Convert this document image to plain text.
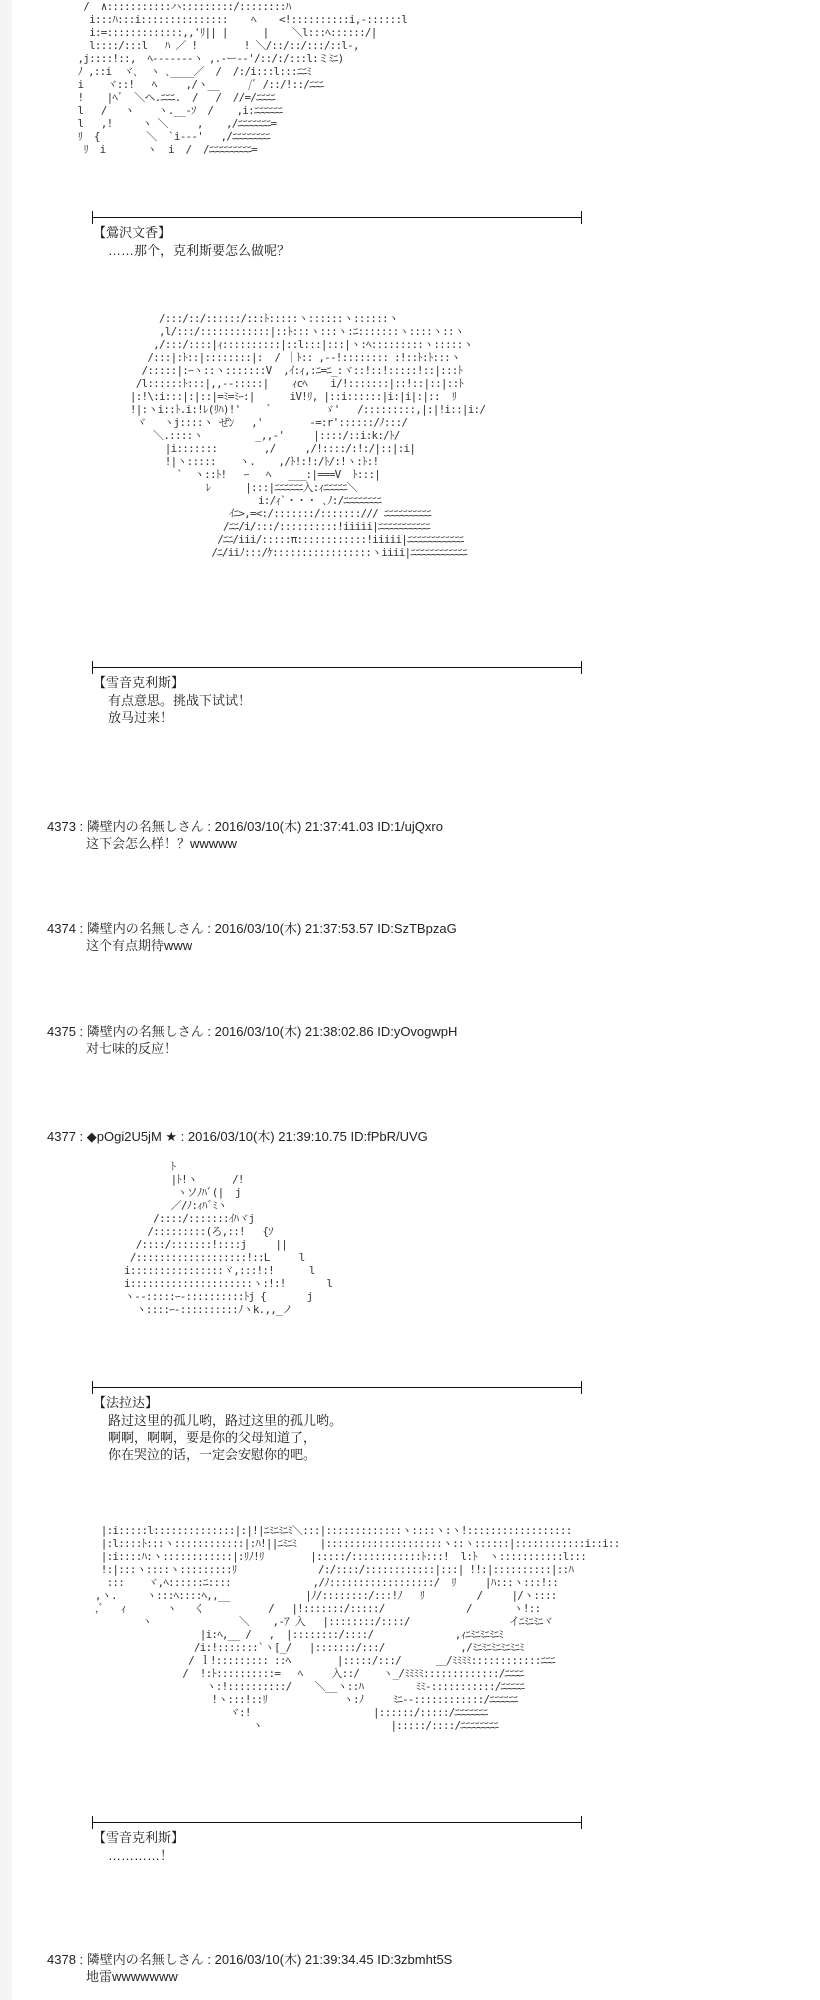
/  ∧:::::::::::ハ:::::::::/::::::::ﾊ
i:::ﾊ:::i:::::::::::::::    ﾍ    <!::::::::::i,-::::::l
i:=:::::::::::::,,'ﾘ|| |      |    ＼l:::ﾍ::::::/|
l::::/:::l   ﾊ ／ !        ! ＼/::/::/:::/::l-,
,j::::!::,  ﾍ-------ヽ ,.-ー--'/::/:/:::l:ミﾐﾆ)
ﾉ ,::i  ヾ､  ヽ ､____／  /  /:/i:::l:::ﾆﾆﾐ
i    ヾ::!   ﾍ     ,/ヽ__     /ﾞ /::/!::/ﾆﾆﾆ
!    |ﾍﾞ  ＼ヘ.ﾆﾆﾆ.  /   /  //=/ﾆﾆﾆﾆ
l   /   ヽ    ヽ.__-ｿ  /    ,i:ﾆﾆﾆﾆﾆﾆ
l   ,!     ヽ ＼     ,    ,/ﾆﾆﾆﾆﾆﾆﾆ=
ﾘ  {        ＼  `i---'   ,/ﾆﾆﾆﾆﾆﾆﾆﾆ
ﾘ  i       ヽ  i  /  /ﾆﾆﾆﾆﾆﾆﾆﾆﾆ=
【鶯沢文香】
……那个，克利斯要怎么做呢？
/:::/::/::::::/:::ﾄ:::::ヽ::::::ヽ::::::ヽ
,l/:::/::::::::::::|::ﾄ:::ヽ:::ヽ:ﾆ:::::::ヽ::::ヽ::ヽ
,/:::/::::|ｨ::::::::::|::l:::|:::|ヽ:ﾍ:::::::::ヽ:::::ヽ
/:::|:ﾄ::|::::::::|:  / ｜ﾄ:: ,--!:::::::: :!::ﾄ:ﾄ:::ヽ
/:::::|:ｰヽ::ヽ:::::::V  ,ｲ:ｨ,:ﾆ=ﾆ_:ヾ::!::!:::::!::|:::ﾄ
/l::::::ﾄ:::|,,--:::::|    ｨcﾍ    i/!:::::::|::!::|::|::ﾄ
|:!\:i:::|:|::|=ﾐ=ﾐｰ:|      iV!ﾘ, |::i::::::|i:|i|:|::  ﾘ
!|:ヽi::ﾄ.i:!ﾚ(ﾘﾊ)!'     ﾞ         ゞ'   /:::::::::,|:|!i::|i:/
ヾ   ヽj::::ヽ ぜﾝ   ,'        -=:r'::::::/ﾉ:::/
＼.::::ヽ         _,,-'     |::::/::i:k:/ﾄ/
|i:::::::        ,/     ,/!::::/:!:/|::|:i|
!|ヽ:::::    ヽ.    ,/ﾄ!:!:/ﾄ/:!ヽ:ﾄ:!
`  ヽ::ﾄ!   ｰ   ﾍ   ___:|===V  ﾄ:::|
ﾚ      |:::|ﾆﾆﾆﾆﾆﾆ入:ｨﾆﾆﾆﾆﾆ＼
i:/ｨ`・・・ ､ﾉ:/ﾆﾆﾆﾆﾆﾆﾆﾆ
ｲﾆ>,=<:/:::::::/:::::::/// ﾆﾆﾆﾆﾆﾆﾆﾆﾆﾆ
/ﾆﾆ/i/:::/::::::::::!iiiii|ﾆﾆﾆﾆﾆﾆﾆﾆﾆﾆﾆ
/ﾆﾆ/iii/:::::π::::::::::::!iiiii|ﾆﾆﾆﾆﾆﾆﾆﾆﾆﾆﾆﾆ
/ﾆ/iiﾉ:::/ｹ:::::::::::::::::ヽiiii|ﾆﾆﾆﾆﾆﾆﾆﾆﾆﾆﾆﾆ
【雪音克利斯】
有点意思。挑战下试试！
放马过来！
4373 : 隣壁内の名無しさん : 2016/03/10(木) 21:37:41.03 ID:1/ujQxro
这下会怎么样！？wwwww
4374 : 隣壁内の名無しさん : 2016/03/10(木) 21:37:53.57 ID:SzTBpzaG
这个有点期待www
4375 : 隣壁内の名無しさん : 2016/03/10(木) 21:38:02.86 ID:yOvogwpH
对七味的反应！
4377 : ◆pOgi2U5jM ★ : 2016/03/10(木) 21:39:10.75 ID:fPbR/UVG
ﾄ
|ﾄ!ヽ      /!
ヽソﾉﾊﾞ(|  j
／/ﾉ:ｨﾊﾞﾐヽ
/::::/:::::::ｲﾊヾj
/:::::::::(ろ,::!   {ｿ
/::::/:::::::!::::j     ||
/:::::::::::::::::::!::L     l
i::::::::::::::::ヾ,:::!:!      l
i:::::::::::::::::::::ヽ:!:!       l
ヽ--:::::ｰ-::::::::::ﾄj {       j
ヽ::::ｰ-::::::::::ﾉヽk.,,_ノ
【法拉达】
路过这里的孤儿哟，路过这里的孤儿哟。
啊啊，啊啊，要是你的父母知道了，
你在哭泣的话，一定会安慰你的吧。
|:i:::::l::::::::::::::|:|!|ﾆﾐﾆﾐﾆﾐ＼:::|:::::::::::::ヽ::::ヽ:ヽ!::::::::::::::::::
|:l::::ﾄ:::ヽ::::::::::::|:ﾊ!||ﾆﾐﾆﾐ    |::::::::::::::::::::ヽ::ヽ::::::|::::::::::::i::i::
|:i::::ﾊ:ヽ::::::::::::|:ﾘﾉ!ﾘ        |:::::/::::::::::::ﾄ:::!  l:ﾄ  ヽ:::::::::::l:::
!:|:::ヽ::::ヽ:::::::::ﾘ              /:/::::/::::::::::::|:::| !!:|::::::::::|::ﾊ
:::    ヾ,ﾍ::::::ﾆ::::              ,/ﾉ::::::::::::::::::/  ﾘ     |ﾊ:::ヽ:::!::
,ヽ.     ヽ:::ﾍ::::ﾍ,,__             |ﾉ/::::::::/:::!ﾉ   ﾘ         /     |/ヽ::::
,ﾞ   ｨ       ヽ   く           /   |!:::::::/:::::/              /       ヽ!::
ヽ               ＼    ,-ｱ 入   |::::::::/::::/                 イﾆﾐﾆﾐﾆヾ
|i:ﾍ,__ /   ,  |::::::::/::::/              ,ｨﾆﾐﾆﾐﾆﾐﾆﾐ
/i:!:::::::`ヽ[_/   |:::::::/:::/             ,/ﾐﾆﾐﾆﾐﾆﾐﾆﾐﾆﾐ
/ ｌ!::::::::: ::ﾍ        |:::::/:::/      ＿/ﾐﾐﾐﾐ::::::::::::ﾆﾆﾆ
/  !:ﾄ::::::::::=   ﾍ     入::/    ヽ_/ﾐﾐﾐﾐ:::::::::::::/ﾆﾆﾆﾆ
ヽ:!::::::::::/    ＼__ヽ::ﾊ         ﾐﾐ-:::::::::::/ﾆﾆﾆﾆﾆ
!ヽ:::!::ﾘ             ヽ:ﾉ     ﾐﾆ--::::::::::::/ﾆﾆﾆﾆﾆﾆ
ヾ:!                     |::::::/:::::/ﾆﾆﾆﾆﾆﾆﾆ
ヽ                      |:::::/::::/ﾆﾆﾆﾆﾆﾆﾆﾆ
【雪音克利斯】
…………！
4378 : 隣壁内の名無しさん : 2016/03/10(木) 21:39:34.45 ID:3zbmht5S
地雷wwwwwww
